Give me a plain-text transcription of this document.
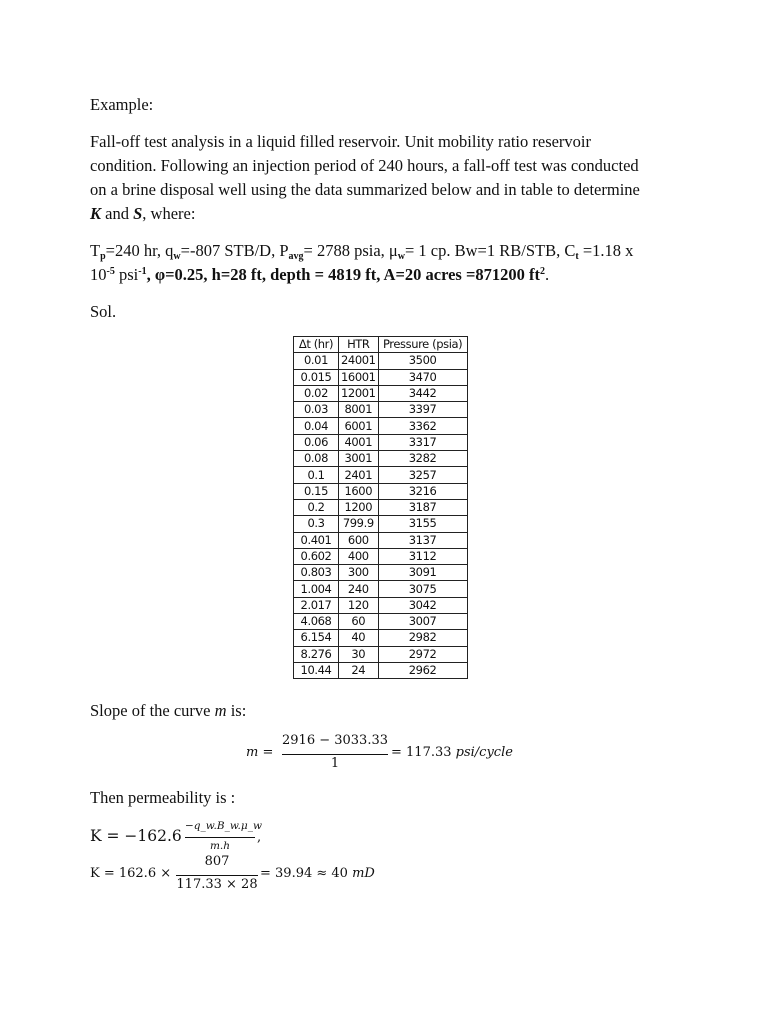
Example:
Fall-off test analysis in a liquid filled reservoir. Unit mobility ratio reservoir
condition. Following an injection period of 240 hours, a fall-off test was conducted
on a brine disposal well using the data summarized below and in table to determine
K and S, where:
$T_p=240$ hr, $q_w=-807$ STB/D, $P_{avg}= 2788$ psia, $\mu_w= 1$ cp. Bw=1 RB/STB, $C_t =1.18$ x
$10^{-5}$ psi$^{-1}$, φ=0.25, h=28 ft, depth = 4819 ft, A=20 acres =871200 $ft^2$.
Sol.
Δt (hr)	HTR	Pressure (psia)
0.01	24001	3500
0.015	16001	3470
0.02	12001	3442
0.03	8001	3397
0.04	6001	3362
0.06	4001	3317
0.08	3001	3282
0.1	2401	3257
0.15	1600	3216
0.2	1200	3187
0.3	799.9	3155
0.401	600	3137
0.602	400	3112
0.803	300	3091
1.004	240	3075
2.017	120	3042
4.068	60	3007
6.154	40	2982
8.276	30	2972
10.44	24	2962
Slope of the curve m is:
m =
2916 − 3033.33
1
= 117.33 psi/cycle
Then permeability is :
K = −162.6
−q_w.B_w.μ_w
m.h
,
K = 162.6 ×
807
117.33 × 28
= 39.94 ≈ 40 mD
